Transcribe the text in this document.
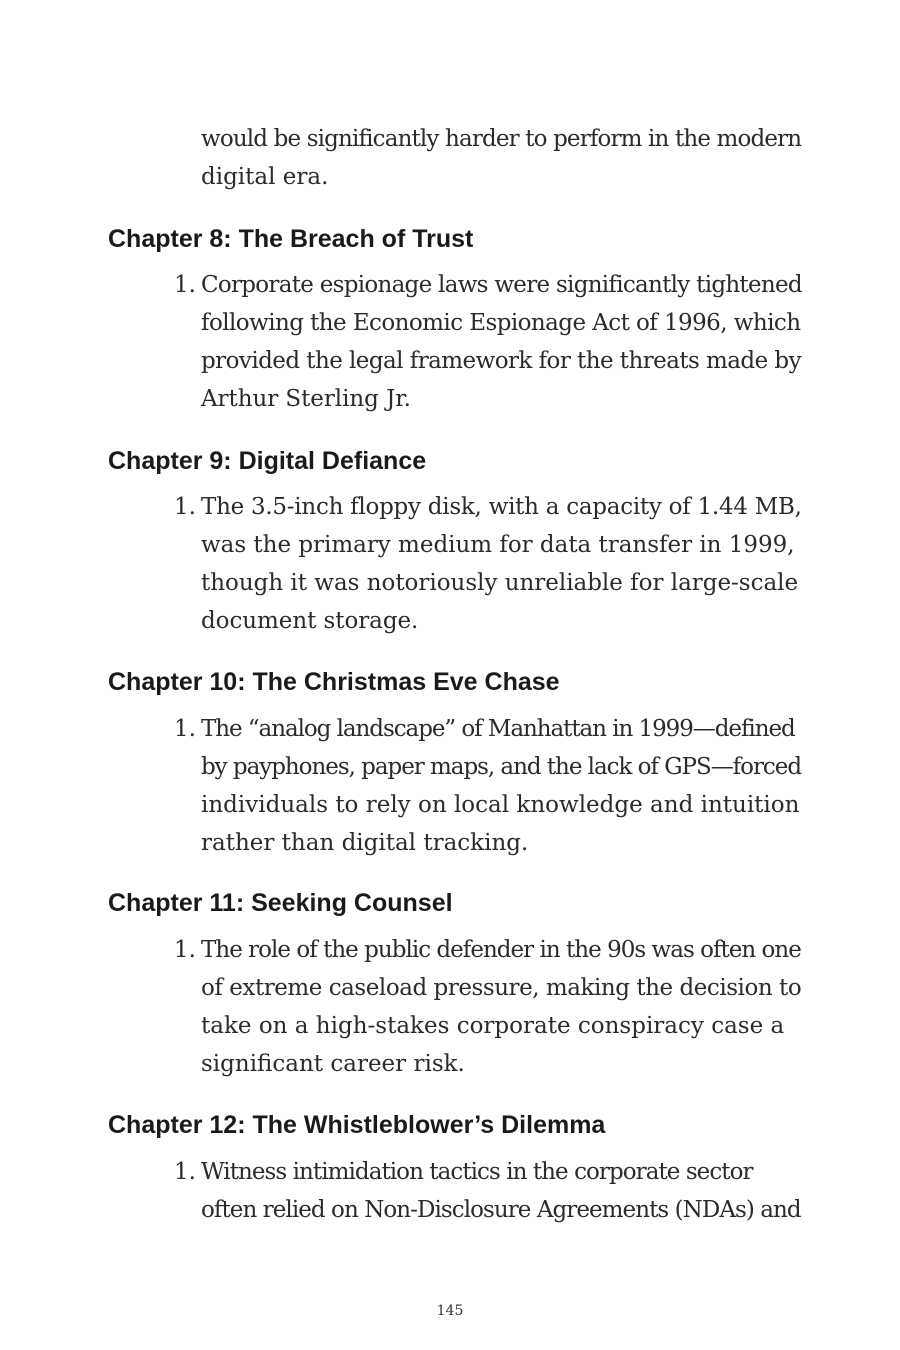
would be significantly harder to perform in the modern
digital era.
Chapter 8: The Breach of Trust
1. Corporate espionage laws were significantly tightened
following the Economic Espionage Act of 1996, which
provided the legal framework for the threats made by
Arthur Sterling Jr.
Chapter 9: Digital Defiance
1. The 3.5-inch floppy disk, with a capacity of 1.44 MB,
was the primary medium for data transfer in 1999,
though it was notoriously unreliable for large-scale
document storage.
Chapter 10: The Christmas Eve Chase
1. The “analog landscape” of Manhattan in 1999—defined
by payphones, paper maps, and the lack of GPS—forced
individuals to rely on local knowledge and intuition
rather than digital tracking.
Chapter 11: Seeking Counsel
1. The role of the public defender in the 90s was often one
of extreme caseload pressure, making the decision to
take on a high-stakes corporate conspiracy case a
significant career risk.
Chapter 12: The Whistleblower’s Dilemma
1. Witness intimidation tactics in the corporate sector
often relied on Non-Disclosure Agreements (NDAs) and
145
